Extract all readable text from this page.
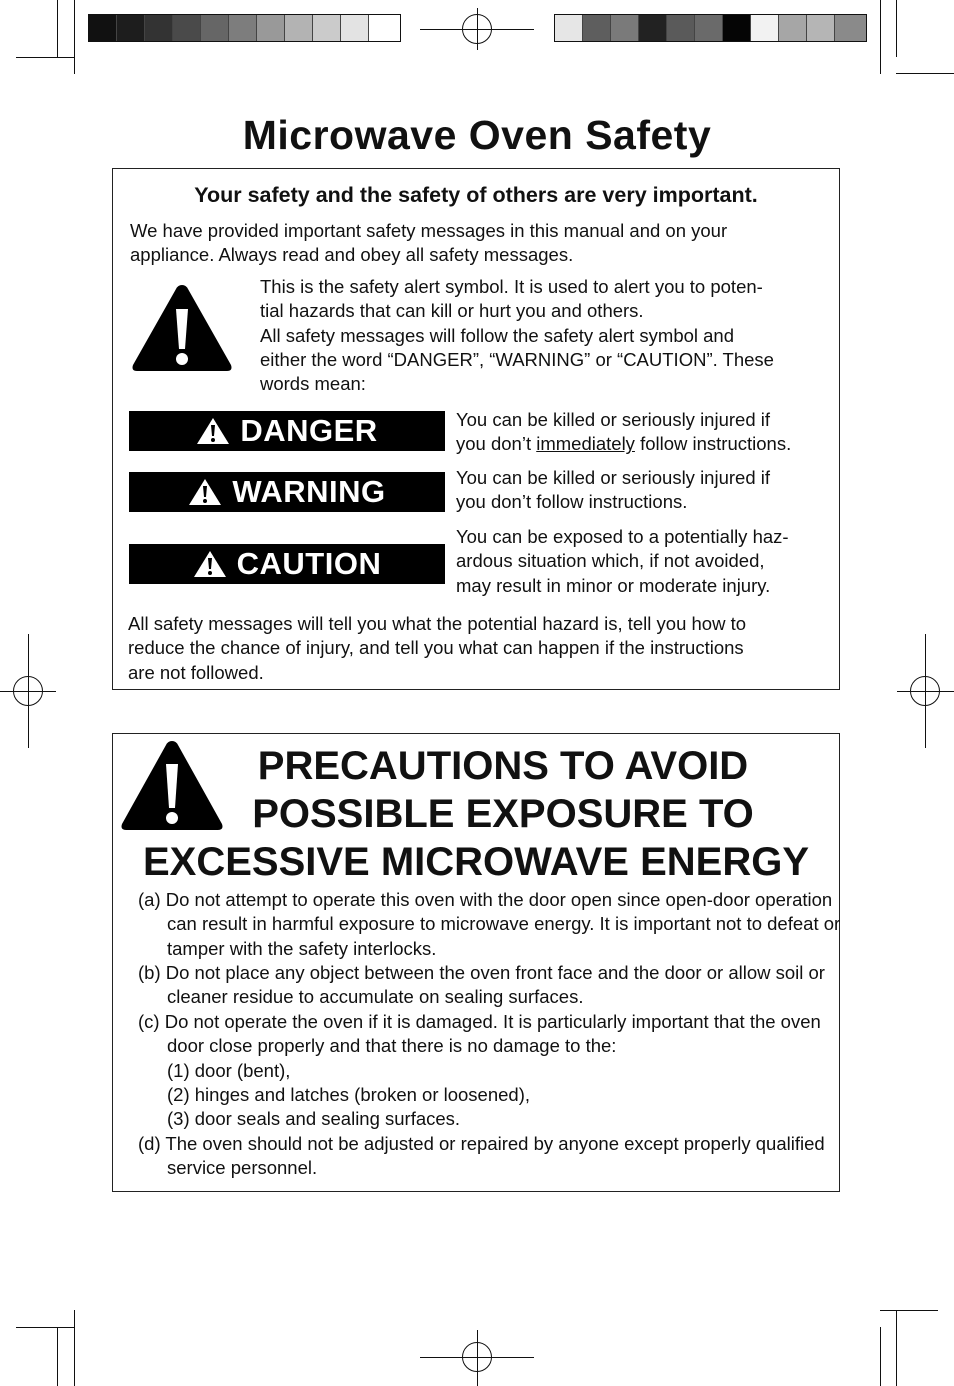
Microwave Oven Safety
Your safety and the safety of others are very important.
We have provided important safety messages in this manual and on your
appliance. Always read and obey all safety messages.
This is the safety alert symbol. It is used to alert you to poten-
tial hazards that can kill or hurt you and others.
All safety messages will follow the safety alert symbol and
either the word “DANGER”, “WARNING” or “CAUTION”. These
words mean:
DANGER	You can be killed or seriously injured if
you don’t immediately follow instructions.
WARNING	You can be killed or seriously injured if
you don’t follow instructions.
CAUTION
You can be exposed to a potentially haz-
ardous situation which, if not avoided,
may result in minor or moderate injury.
All safety messages will tell you what the potential hazard is, tell you how to
reduce the chance of injury, and tell you what can happen if the instructions
are not followed.
PRECAUTIONS TO AVOID
POSSIBLE EXPOSURE TO
EXCESSIVE MICROWAVE ENERGY
(a) Do not attempt to operate this oven with the door open since open-door operation can result in harmful exposure to microwave energy. It is important not to defeat or tamper with the safety interlocks.
(b) Do not place any object between the oven front face and the door or allow soil or cleaner residue to accumulate on sealing surfaces.
(c) Do not operate the oven if it is damaged. It is particularly important that the oven door close properly and that there is no damage to the:
(1) door (bent),
(2) hinges and latches (broken or loosened),
(3) door seals and sealing surfaces.
(d) The oven should not be adjusted or repaired by anyone except properly qualified service personnel.
